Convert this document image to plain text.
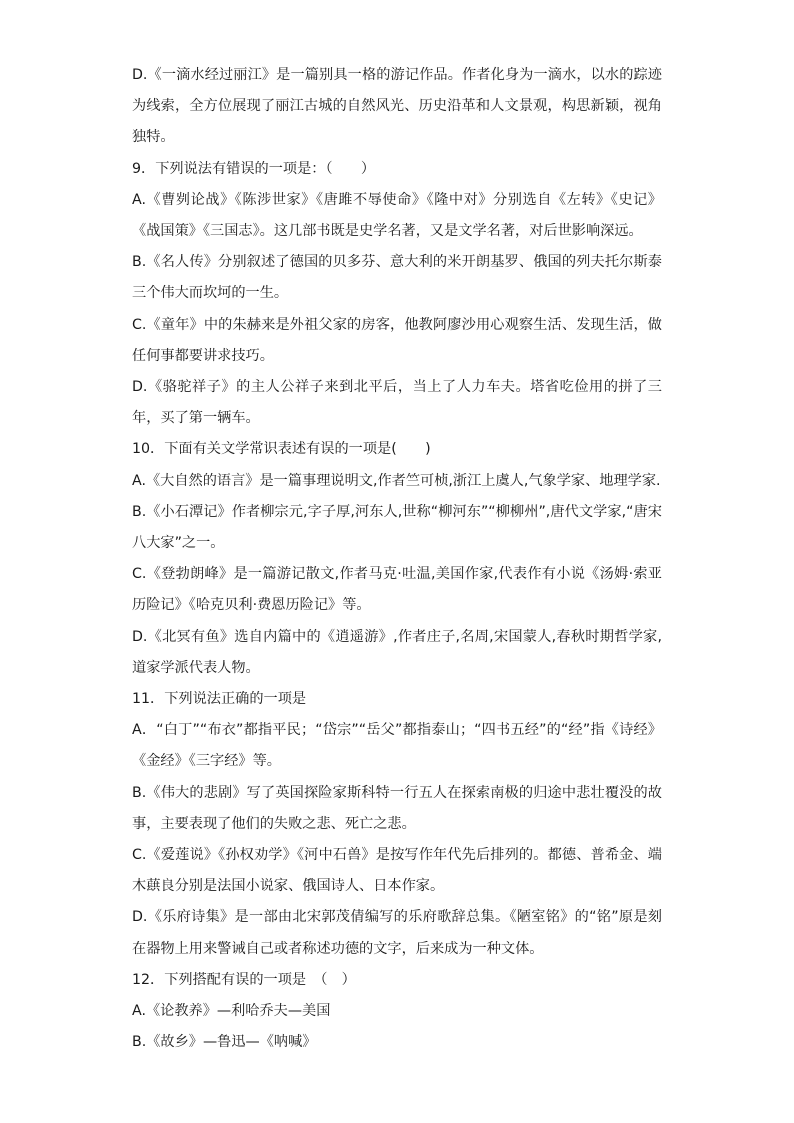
D.《一滴水经过丽江》是一篇别具一格的游记作品。作者化身为一滴水，以水的踪迹为线索，全方位展现了丽江古城的自然风光、历史沿革和人文景观，构思新颖，视角独特。

9．下列说法有错误的一项是：（　　）

A.《曹刿论战》《陈涉世家》《唐雎不辱使命》《隆中对》分别选自《左转》《史记》《战国策》《三国志》。这几部书既是史学名著，又是文学名著，对后世影响深远。

B.《名人传》分别叙述了德国的贝多芬、意大利的米开朗基罗、俄国的列夫托尔斯泰三个伟大而坎坷的一生。

C.《童年》中的朱赫来是外祖父家的房客，他教阿廖沙用心观察生活、发现生活，做任何事都要讲求技巧。

D.《骆驼祥子》的主人公祥子来到北平后，当上了人力车夫。塔省吃俭用的拼了三年，买了第一辆车。

10．下面有关文学常识表述有误的一项是(　　)

A.《大自然的语言》是一篇事理说明文,作者竺可桢,浙江上虞人,气象学家、地理学家.

B.《小石潭记》作者柳宗元,字子厚,河东人,世称“柳河东”“柳柳州”,唐代文学家,“唐宋八大家”之一。

C.《登勃朗峰》是一篇游记散文,作者马克·吐温,美国作家,代表作有小说《汤姆·索亚历险记》《哈克贝利·费恩历险记》等。

D.《北冥有鱼》选自内篇中的《逍遥游》,作者庄子,名周,宋国蒙人,春秋时期哲学家,道家学派代表人物。

11．下列说法正确的一项是

A．“白丁”“布衣”都指平民；“岱宗”“岳父”都指泰山；“四书五经”的“经”指《诗经》《金经》《三字经》等。

B.《伟大的悲剧》写了英国探险家斯科特一行五人在探索南极的归途中悲壮覆没的故事，主要表现了他们的失败之悲、死亡之悲。

C.《爱莲说》《孙权劝学》《河中石兽》是按写作年代先后排列的。都德、普希金、端木蕻良分别是法国小说家、俄国诗人、日本作家。

D.《乐府诗集》是一部由北宋郭茂倩编写的乐府歌辞总集。《陋室铭》的“铭”原是刻在器物上用来警诫自己或者称述功德的文字，后来成为一种文体。

12．下列搭配有误的一项是　（　）

A.《论教养》—利哈乔夫—美国

B.《故乡》—鲁迅—《呐喊》
